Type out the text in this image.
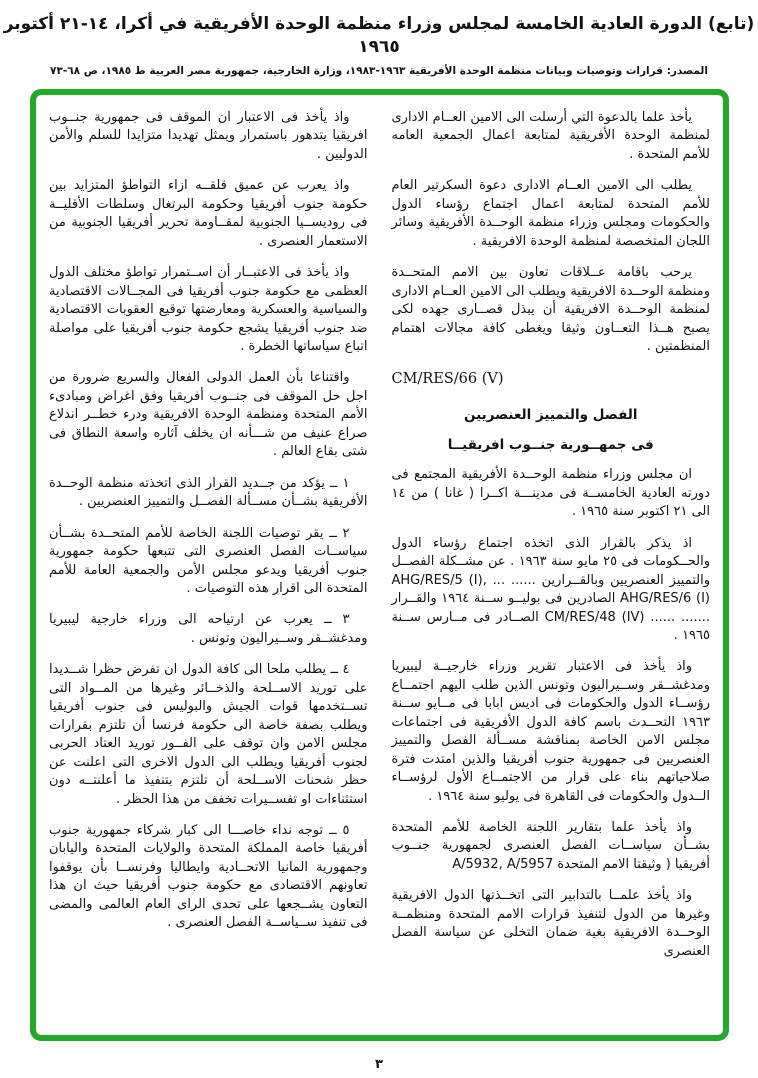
(تابع) الدورة العادية الخامسة لمجلس وزراء منظمة الوحدة الأفريقية في أكرا، ١٤-٢١ أكتوبر ١٩٦٥
المصدر: قرارات وتوصيات وبيانات منظمة الوحدة الأفريقية ١٩٦٣-١٩٨٣، وزارة الخارجية، جمهورية مصر العربية ط ١٩٨٥، ص ٦٨-٧٣

يأخذ علما بالدعوة التي أرسلت الى الامين العــام الادارى لمنظمة الوحدة الأفريقية لمتابعة اعمال الجمعية العامه للأمم المتحدة .

يطلب الى الامين العــام الادارى دعوة السكرتير العام للأمم المتحدة لمتابعة اعمال اجتماع رؤساء الدول والحكومات ومجلس وزراء منظمة الوحــدة الأفريقية وسائر اللجان المتخصصة لمنظمة الوحدة الافريقية .

يرحب باقامة عــلاقات تعاون بين الامم المتحــدة ومنظمة الوحــدة الافريقية ويطلب الى الامين العــام الادارى لمنظمة الوحــدة الافريقية أن يبذل قصــارى جهده لكى يصبح هــذا التعــاون وثيقا ويغطى كافة مجالات اهتمام المنظمتين .

CM/RES/66 (V)

الفصل والتمييز العنصريين

فى جمهــورية جنــوب افريقيــا

ان مجلس وزراء منظمة الوحــدة الأفريقية المجتمع فى دورته العادية الخامســة فى مدينـــة اكــرا ( غانا ) من ١٤ الى ٢١ اكتوبر سنة ١٩٦٥ .

اذ يذكر بالقرار الذى اتخذه اجتماع رؤساء الدول والحــكومات فى ٢٥ مايو سنة ١٩٦٣ . عن مشــكلة الفصــل والتمييز العنصريين وبالقــرارين ...... ... AHG/RES/5 (I), AHG/RES/6 (I) الصادرين فى بوليــو ســنة ١٩٦٤ والقــرار ....... ...... CM/RES/48 (IV) الصــادر فى مــارس ســنة ١٩٦٥ .

واذ يأخذ فى الاعتبار تقرير وزراء خارجيــة ليبيريا ومدغشــقر وســيراليون وتونس الذين طلب اليهم اجتمــاع رؤســاء الدول والحكومات فى اديس ابابا فى مــايو ســنة ١٩٦٣ التحــدث باسم كافة الدول الأفريقية فى اجتماعات مجلس الامن الخاصة بمناقشة مســألة الفصل والتمييز العنصريين فى جمهورية جنوب أفريقيا والذين امتدت فترة صلاحياتهم بناء على قرار من الاجتمــاع الأول لرؤســاء الــدول والحكومات فى القاهرة فى يوليو سنة ١٩٦٤ .

واذ يأخذ علما بتقارير اللجنة الخاصة للأمم المتحدة بشــأن سياســات الفصل العنصرى لجمهورية جنــوب أفريقيا ( وثيقتا الامم المتحدة A/5932, A/5957

واذ يأخذ علمــا بالتدابير التى اتخــذتها الدول الافريقية وغيرها من الدول لتنفيذ قرارات الامم المتحدة ومنظمــة الوحــدة الافريقية بغية ضمان التخلى عن سياسة الفصل العنصرى

واذ يأخذ فى الاعتبار ان الموقف فى جمهورية جنــوب افريقيا يتدهور باستمرار ويمثل تهديدا متزايدا للسلم والأمن الدوليين .

واذ يعرب عن عميق قلقــه ازاء التواطؤ المتزايد بين حكومة جنوب أفريقيا وحكومة البرتغال وسلطات الأقليــة فى روديســيا الجنوبية لمقــاومة تحرير أفريقيا الجنوبية من الاستعمار العنصرى .

واذ يأخذ فى الاعتبــار أن اســتمرار تواطؤ مختلف الدول العظمى مع حكومة جنوب أفريقيا فى المجــالات الاقتصادية والسياسية والعسكرية ومعارضتها توقيع العقوبات الاقتصادية ضد جنوب أفريقيا يشجع حكومة جنوب أفريقيا على مواصلة اتباع سياساتها الخطرة .

واقتناعا بأن العمل الدولى الفعال والسريع ضرورة من اجل حل الموقف فى جنــوب أفريقيا وفق اغراض ومبادىء الأمم المتحدة ومنظمة الوحدة الافريقية ودرء خطــر اندلاع صراع عنيف من شـــأنه ان يخلف آثاره واسعة النطاق فى شتى بقاع العالم .

١ ــ يؤكد من جــديد القرار الذى اتخذته منظمة الوحــدة الأفريقية بشــأن مســألة الفصــل والتمييز العنصريين .

٢ ــ يقر توصيات اللجنة الخاصة للأمم المتحــدة بشــأن سياســات الفصل العنصرى التى تتبعها حكومة جمهورية جنوب أفريقيا ويدعو مجلس الأمن والجمعية العامة للأمم المتحدة الى اقرار هذه التوصيات .

٣ ــ يعرب عن ارتياحه الى وزراء خارجية ليبيريا ومدغشــقر وســيراليون وتونس .

٤ ــ يطلب ملحا الى كافة الدول ان تفرض حظرا شــديدا على توريد الاســلحة والذخــائر وغيرها من المــواد التى تســتخدمها قوات الجيش والبوليس فى جنوب أفريقيا ويطلب بصفة خاصة الى حكومة فرنسا أن تلتزم بقرارات مجلس الامن وان توقف على الفــور توريد العتاد الحربى لجنوب أفريقيا ويطلب الى الدول الاخرى التى اعلنت عن حظر شحنات الاســلحة أن تلتزم بتنفيذ ما أعلنتــه دون استثناءات او تفســيرات تخفف من هذا الحظر .

٥ ــ توجه نداء خاصـــا الى كبار شركاء جمهورية جنوب أفريقيا خاصة المملكة المتحدة والولايات المتحدة واليابان وجمهورية المانيا الاتحــادية وايطاليا وفرنســا بأن يوقفوا تعاونهم الاقتصادى مع حكومة جنوب أفريقيا حيث ان هذا التعاون يشــجعها على تحدى الراى العام العالمى والمضى فى تنفيذ ســياســة الفصل العنصرى .

٣
